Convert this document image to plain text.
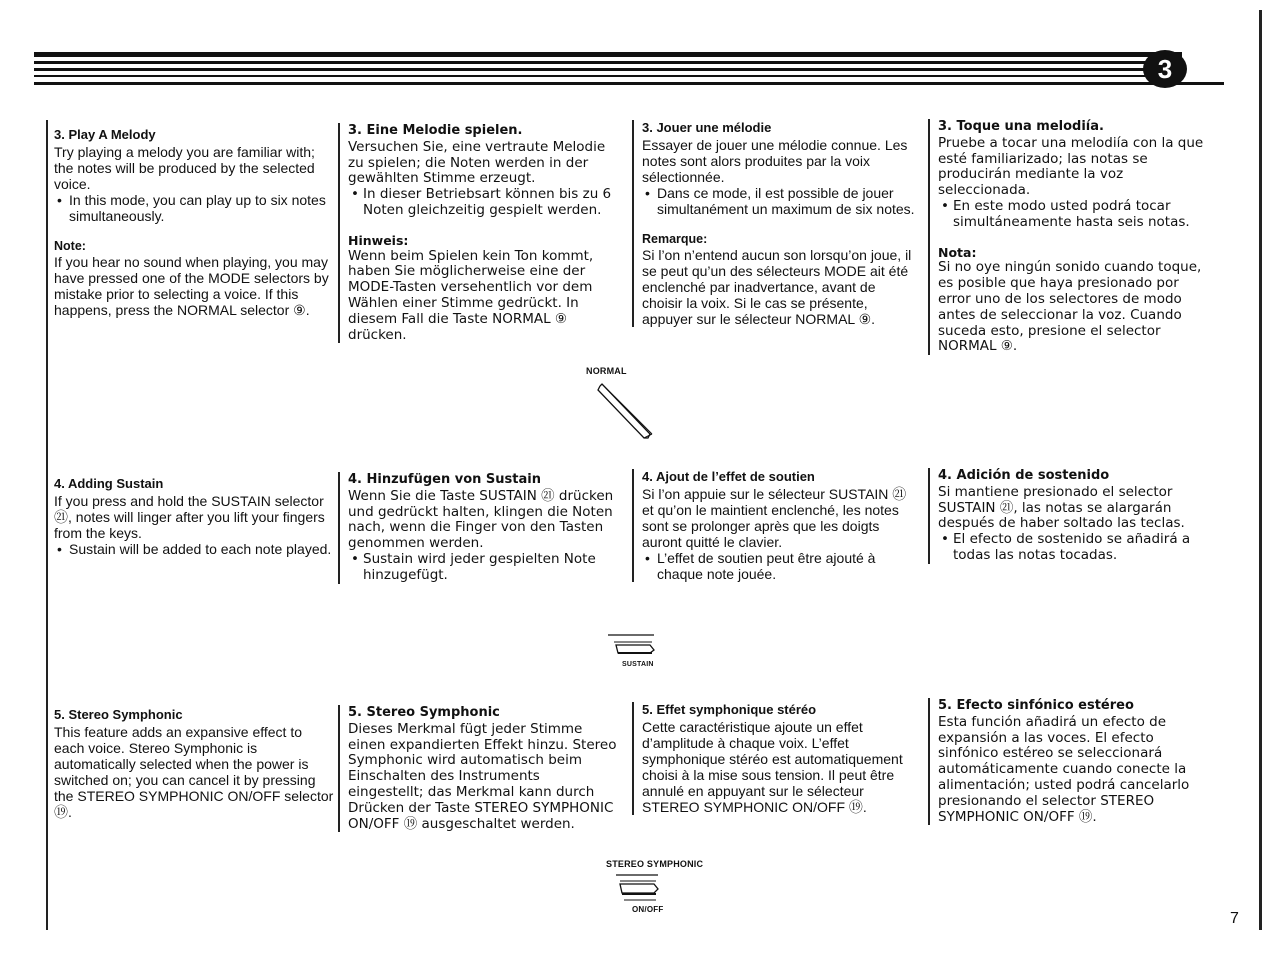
3
7
3. Play A Melody
Try playing a melody you are familiar with; the notes will be produced by the selected voice.
• In this mode, you can play up to six notes simultaneously.
Note:
If you hear no sound when playing, you may have pressed one of the MODE selectors by mistake prior to selecting a voice. If this happens, press the NORMAL selector ⑨.
3. Eine Melodie spielen.
Versuchen Sie, eine vertraute Melodie zu spielen; die Noten werden in der gewählten Stimme erzeugt.
• In dieser Betriebsart können bis zu 6 Noten gleichzeitig gespielt werden.
Hinweis:
Wenn beim Spielen kein Ton kommt, haben Sie möglicherweise eine der MODE-Tasten versehentlich vor dem Wählen einer Stimme gedrückt. In diesem Fall die Taste NORMAL ⑨ drücken.
3. Jouer une mélodie
Essayer de jouer une mélodie connue. Les notes sont alors produites par la voix sélectionnée.
• Dans ce mode, il est possible de jouer simultanément un maximum de six notes.
Remarque:
Si l’on n’entend aucun son lorsqu’on joue, il se peut qu’un des sélecteurs MODE ait été enclenché par inadvertance, avant de choisir la voix. Si le cas se présente, appuyer sur le sélecteur NORMAL ⑨.
3. Toque una melodiía.
Pruebe a tocar una melodiía con la que esté familiarizado; las notas se producirán mediante la voz seleccionada.
• En este modo usted podrá tocar simultáneamente hasta seis notas.
Nota:
Si no oye ningún sonido cuando toque, es posible que haya presionado por error uno de los selectores de modo antes de seleccionar la voz. Cuando suceda esto, presione el selector NORMAL ⑨.
NORMAL
4. Adding Sustain
If you press and hold the SUSTAIN selector ㉑, notes will linger after you lift your fingers from the keys.
• Sustain will be added to each note played.
4. Hinzufügen von Sustain
Wenn Sie die Taste SUSTAIN ㉑ drücken und gedrückt halten, klingen die Noten nach, wenn die Finger von den Tasten genommen werden.
• Sustain wird jeder gespielten Note hinzugefügt.
4. Ajout de l’effet de soutien
Si l’on appuie sur le sélecteur SUSTAIN ㉑ et qu’on le maintient enclenché, les notes sont se prolonger après que les doigts auront quitté le clavier.
• L’effet de soutien peut être ajouté à chaque note jouée.
4. Adición de sostenido
Si mantiene presionado el selector SUSTAIN ㉑, las notas se alargarán después de haber soltado las teclas.
• El efecto de sostenido se añadirá a todas las notas tocadas.
SUSTAIN
5. Stereo Symphonic
This feature adds an expansive effect to each voice. Stereo Symphonic is automatically selected when the power is switched on; you can cancel it by pressing the STEREO SYMPHONIC ON/OFF selector ⑲.
5. Stereo Symphonic
Dieses Merkmal fügt jeder Stimme einen expandierten Effekt hinzu. Stereo Symphonic wird automatisch beim Einschalten des Instruments eingestellt; das Merkmal kann durch Drücken der Taste STEREO SYMPHONIC ON/OFF ⑲ ausgeschaltet werden.
5. Effet symphonique stéréo
Cette caractéristique ajoute un effet d’amplitude à chaque voix. L’effet symphonique stéréo est automatiquement choisi à la mise sous tension. Il peut être annulé en appuyant sur le sélecteur STEREO SYMPHONIC ON/OFF ⑲.
5. Efecto sinfónico estéreo
Esta función añadirá un efecto de expansión a las voces. El efecto sinfónico estéreo se seleccionará automáticamente cuando conecte la alimentación; usted podrá cancelarlo presionando el selector STEREO SYMPHONIC ON/OFF ⑲.
STEREO SYMPHONIC
ON/OFF
